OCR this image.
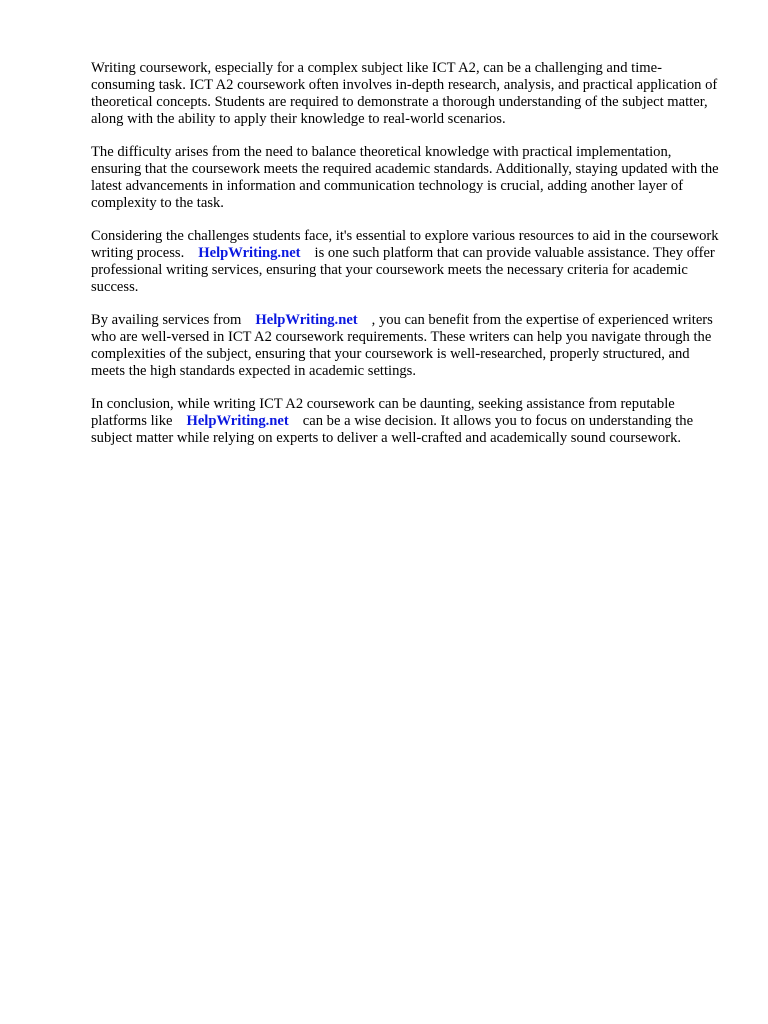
Writing coursework, especially for a complex subject like ICT A2, can be a challenging and time-consuming task. ICT A2 coursework often involves in-depth research, analysis, and practical application of theoretical concepts. Students are required to demonstrate a thorough understanding of the subject matter, along with the ability to apply their knowledge to real-world scenarios.

The difficulty arises from the need to balance theoretical knowledge with practical implementation, ensuring that the coursework meets the required academic standards. Additionally, staying updated with the latest advancements in information and communication technology is crucial, adding another layer of complexity to the task.

Considering the challenges students face, it's essential to explore various resources to aid in the coursework writing process. HelpWriting.net is one such platform that can provide valuable assistance. They offer professional writing services, ensuring that your coursework meets the necessary criteria for academic success.

By availing services from HelpWriting.net , you can benefit from the expertise of experienced writers who are well-versed in ICT A2 coursework requirements. These writers can help you navigate through the complexities of the subject, ensuring that your coursework is well-researched, properly structured, and meets the high standards expected in academic settings.

In conclusion, while writing ICT A2 coursework can be daunting, seeking assistance from reputable platforms like HelpWriting.net can be a wise decision. It allows you to focus on understanding the subject matter while relying on experts to deliver a well-crafted and academically sound coursework.
